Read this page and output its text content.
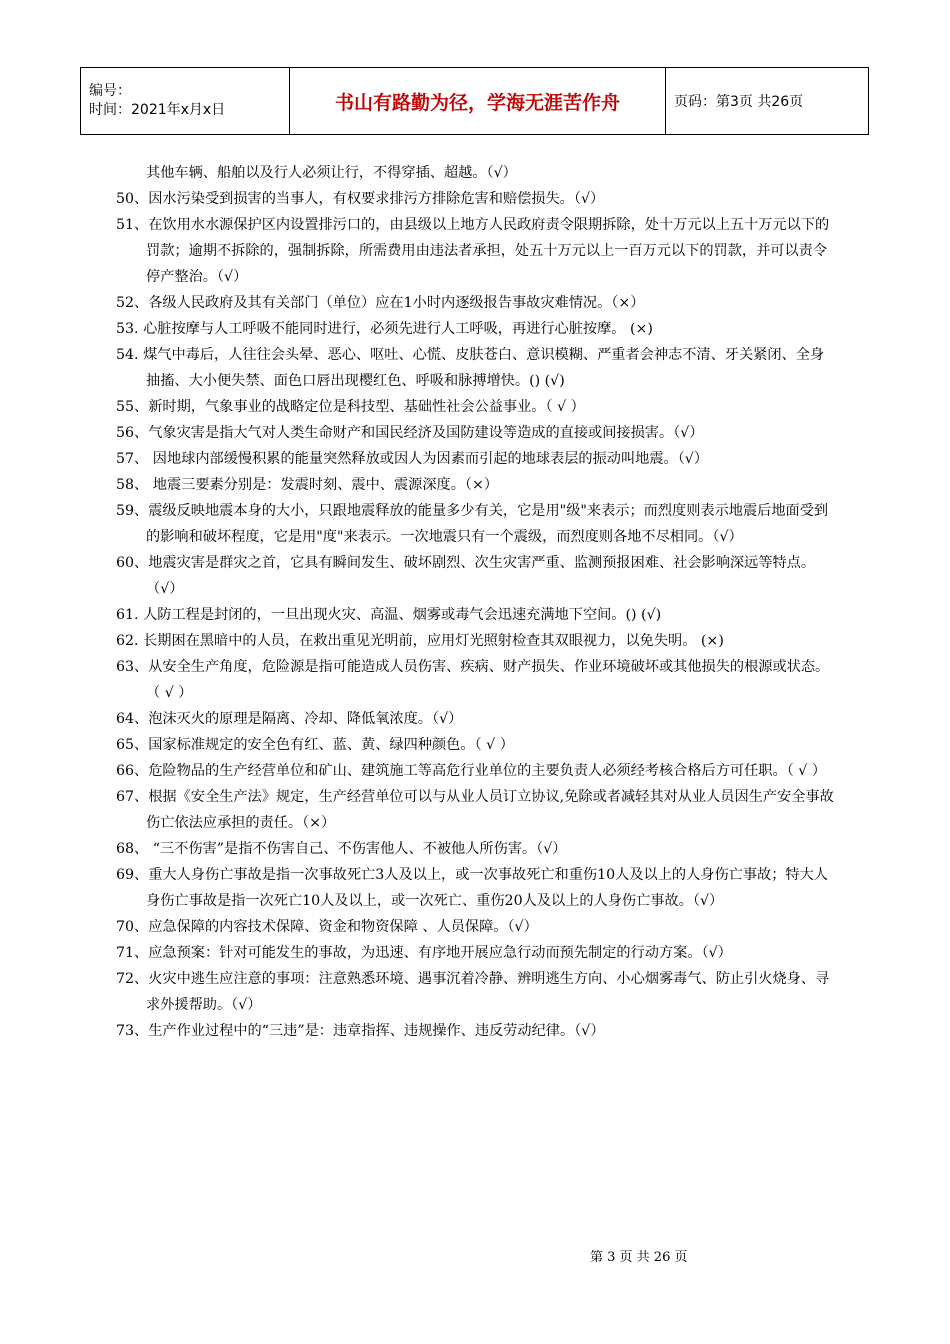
编号：
时间：2021年x月x日	书山有路勤为径，学海无涯苦作舟	页码：第3页 共26页
其他车辆、船舶以及行人必须让行，不得穿插、超越。（√）
50、因水污染受到损害的当事人，有权要求排污方排除危害和赔偿损失。（√）
51、在饮用水水源保护区内设置排污口的，由县级以上地方人民政府责令限期拆除，处十万元以上五十万元以下的罚款；逾期不拆除的，强制拆除，所需费用由违法者承担，处五十万元以上一百万元以下的罚款，并可以责令停产整治。（√）
52、各级人民政府及其有关部门（单位）应在1小时内逐级报告事故灾难情况。（×）
53. 心脏按摩与人工呼吸不能同时进行，必须先进行人工呼吸，再进行心脏按摩。 (×)
54. 煤气中毒后，人往往会头晕、恶心、呕吐、心慌、皮肤苍白、意识模糊、严重者会神志不清、牙关紧闭、全身抽搐、大小便失禁、面色口唇出现樱红色、呼吸和脉搏增快。() (√)
55、新时期，气象事业的战略定位是科技型、基础性社会公益事业。（ √ ）
56、气象灾害是指大气对人类生命财产和国民经济及国防建设等造成的直接或间接损害。（√）
57、 因地球内部缓慢积累的能量突然释放或因人为因素而引起的地球表层的振动叫地震。（√）
58、 地震三要素分别是：发震时刻、震中、震源深度。（×）
59、震级反映地震本身的大小，只跟地震释放的能量多少有关，它是用"级"来表示；而烈度则表示地震后地面受到的影响和破坏程度，它是用"度"来表示。一次地震只有一个震级，而烈度则各地不尽相同。（√）
60、地震灾害是群灾之首，它具有瞬间发生、破坏剧烈、次生灾害严重、监测预报困难、社会影响深远等特点。（√）
61. 人防工程是封闭的，一旦出现火灾、高温、烟雾或毒气会迅速充满地下空间。() (√)
62. 长期困在黑暗中的人员，在救出重见光明前，应用灯光照射检查其双眼视力，以免失明。 (×)
63、从安全生产角度，危险源是指可能造成人员伤害、疾病、财产损失、作业环境破坏或其他损失的根源或状态。（ √ ）
64、泡沫灭火的原理是隔离、冷却、降低氧浓度。（√）
65、国家标准规定的安全色有红、蓝、黄、绿四种颜色。（ √ ）
66、危险物品的生产经营单位和矿山、建筑施工等高危行业单位的主要负责人必须经考核合格后方可任职。（ √ ）
67、根据《安全生产法》规定，生产经营单位可以与从业人员订立协议,免除或者减轻其对从业人员因生产安全事故伤亡依法应承担的责任。（×）
68、 “三不伤害”是指不伤害自己、不伤害他人、不被他人所伤害。（√）
69、重大人身伤亡事故是指一次事故死亡3人及以上，或一次事故死亡和重伤10人及以上的人身伤亡事故；特大人身伤亡事故是指一次死亡10人及以上，或一次死亡、重伤20人及以上的人身伤亡事故。（√）
70、应急保障的内容技术保障、资金和物资保障 、人员保障。（√）
71、应急预案：针对可能发生的事故，为迅速、有序地开展应急行动而预先制定的行动方案。（√）
72、火灾中逃生应注意的事项：注意熟悉环境、遇事沉着冷静、辨明逃生方向、小心烟雾毒气、防止引火烧身、寻求外援帮助。（√）
73、生产作业过程中的“三违”是：违章指挥、违规操作、违反劳动纪律。（√）
第 3 页 共 26 页
